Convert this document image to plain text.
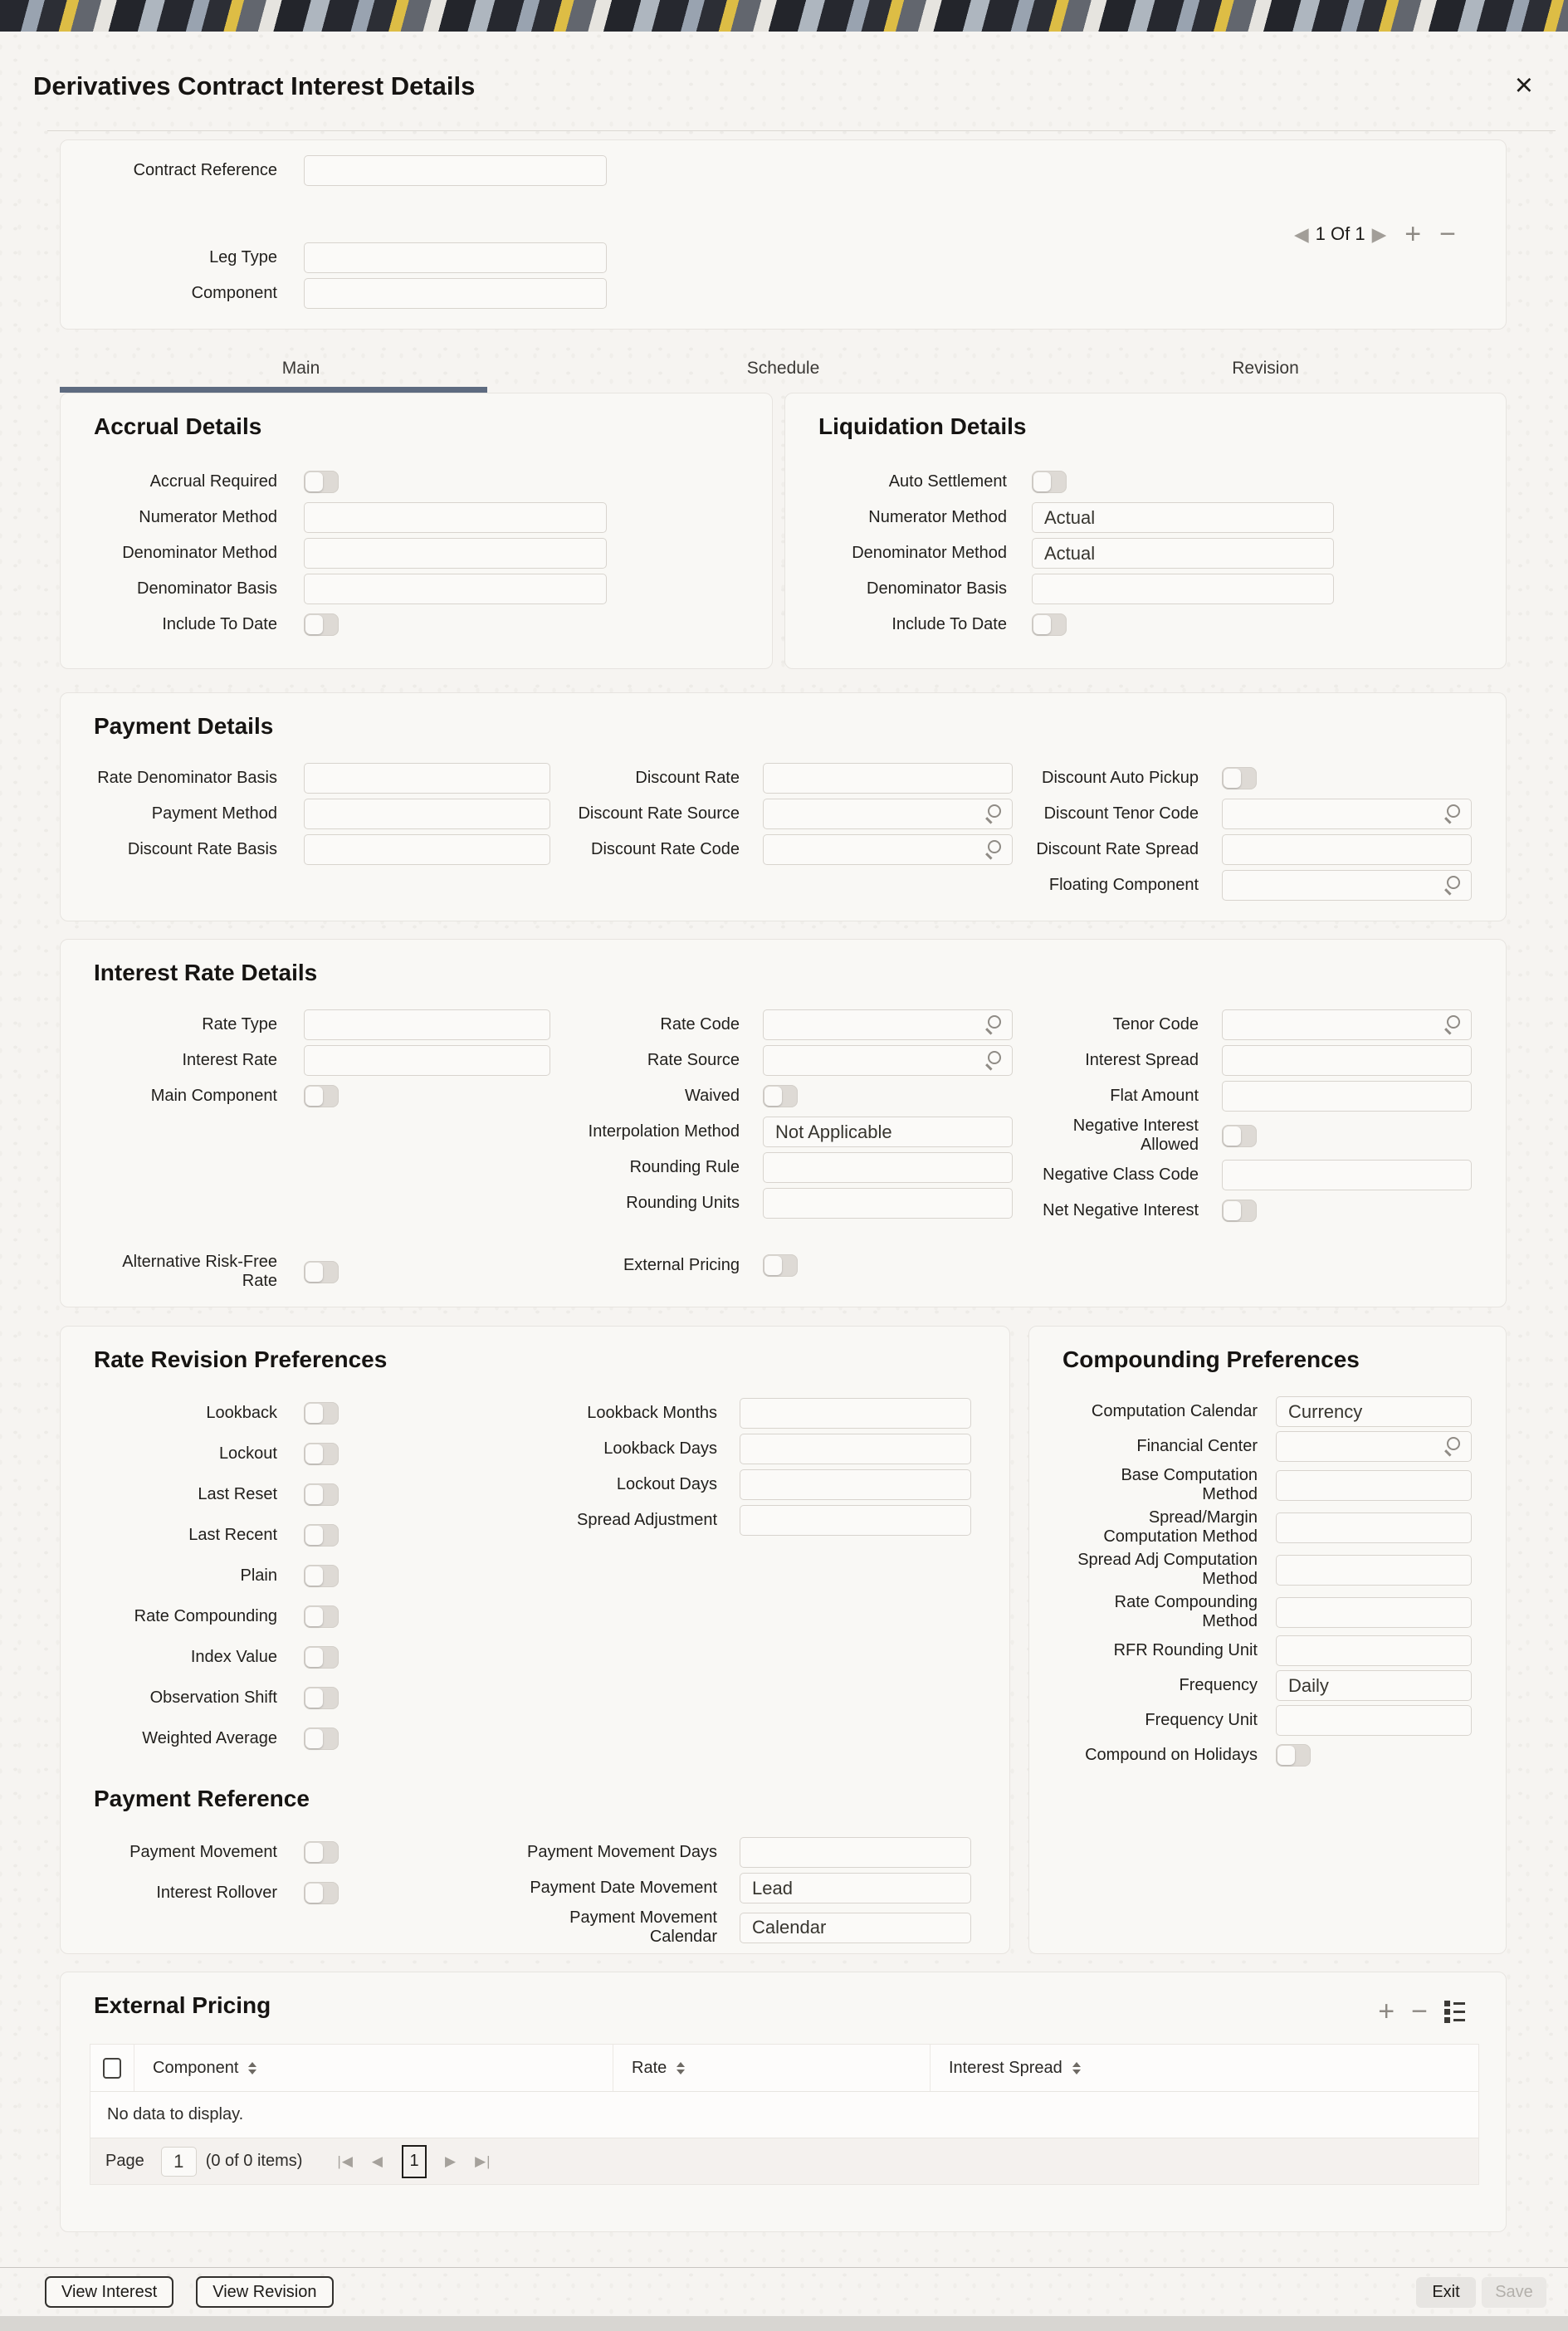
Derivatives Contract Interest Details	×
Contract Reference
Leg Type
Component
◀ 1 Of 1 ▶ + −
Main	Schedule	Revision
Accrual Details
Accrual Required
Numerator Method
Denominator Method
Denominator Basis
Include To Date
Liquidation Details
Auto Settlement
Numerator Method
Actual
Denominator Method
Actual
Denominator Basis
Include To Date
Payment Details
Rate Denominator Basis
Payment Method
Discount Rate Basis
Discount Rate
Discount Rate Source
Discount Rate Code
Discount Auto Pickup
Discount Tenor Code
Discount Rate Spread
Floating Component
Interest Rate Details
Rate Type
Interest Rate
Main Component
Alternative Risk-Free Rate
Rate Code
Rate Source
Waived
Interpolation Method
Not Applicable
Rounding Rule
Rounding Units
External Pricing
Tenor Code
Interest Spread
Flat Amount
Negative Interest Allowed
Negative Class Code
Net Negative Interest
Rate Revision Preferences
Lookback
Lockout
Last Reset
Last Recent
Plain
Rate Compounding
Index Value
Observation Shift
Weighted Average
Lookback Months
Lookback Days
Lockout Days
Spread Adjustment
Payment Reference
Payment Movement
Interest Rollover
Payment Movement Days
Payment Date Movement
Lead
Payment Movement Calendar
Calendar
Compounding Preferences
Computation Calendar
Currency
Financial Center
Base Computation Method
Spread/Margin Computation Method
Spread Adj Computation Method
Rate Compounding Method
RFR Rounding Unit
Frequency
Daily
Frequency Unit
Compound on Holidays
External Pricing	+ −
Component	Rate	Interest Spread
No data to display.
Page
1	(0 of 0 items) |◀ ◀	1	▶ ▶|
View Interest	View Revision	Exit	Save
